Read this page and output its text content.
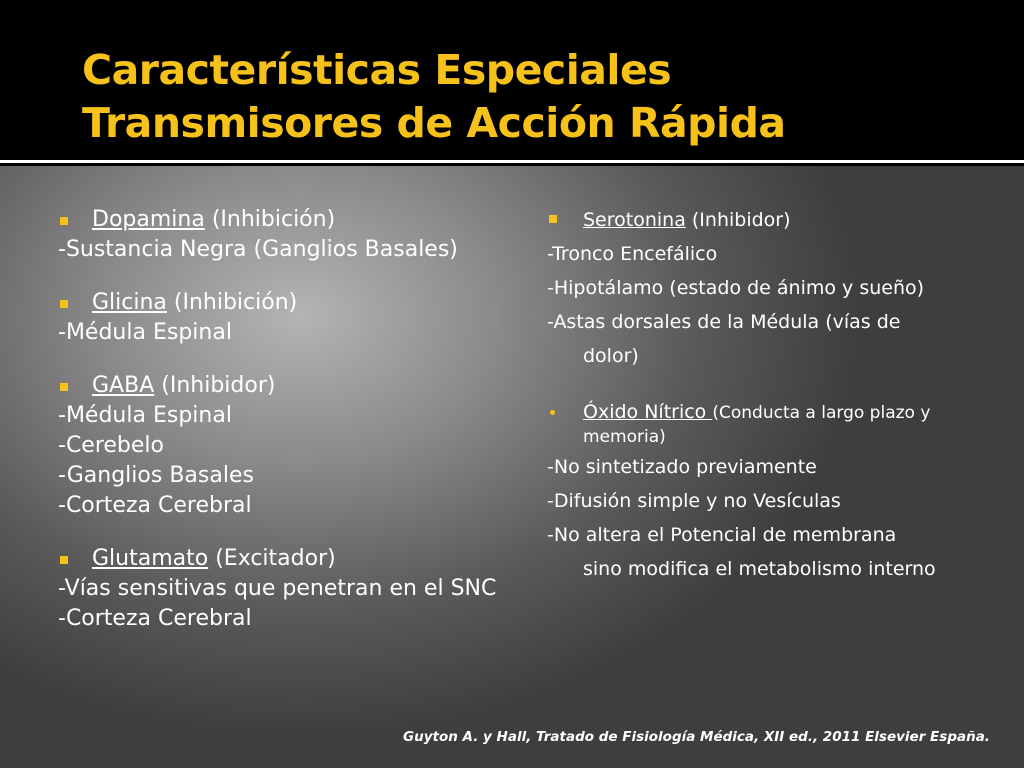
Características Especiales
Transmisores de Acción Rápida
Dopamina (Inhibición)
-Sustancia Negra (Ganglios Basales)
Glicina (Inhibición)
-Médula Espinal
GABA (Inhibidor)
-Médula Espinal
-Cerebelo
-Ganglios Basales
-Corteza Cerebral
Glutamato (Excitador)
-Vías sensitivas que penetran en el SNC
-Corteza Cerebral
Serotonina (Inhibidor)
-Tronco Encefálico
-Hipotálamo (estado de ánimo y sueño)
-Astas dorsales de la Médula (vías de
dolor)
Óxido Nítrico (Conducta a largo plazo y
memoria)
-No sintetizado previamente
-Difusión simple y no Vesículas
-No altera el Potencial de membrana
sino modifica el metabolismo interno
Guyton A. y Hall, Tratado de Fisiología Médica, XII ed., 2011 Elsevier España.
